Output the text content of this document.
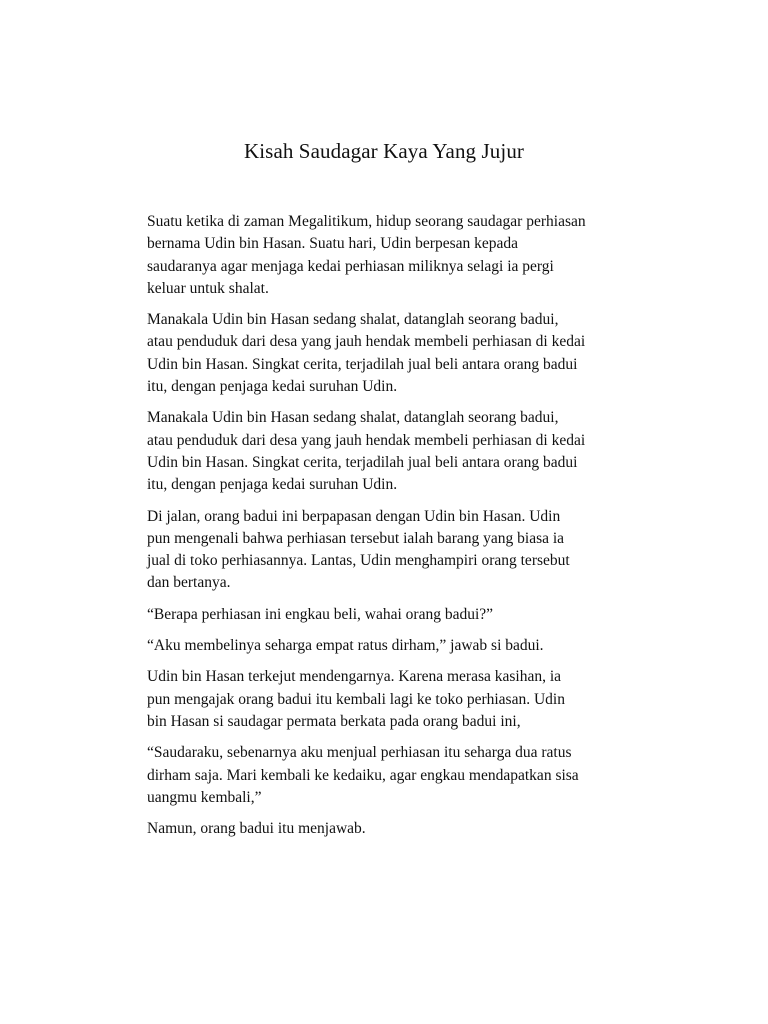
Kisah Saudagar Kaya Yang Jujur

Suatu ketika di zaman Megalitikum, hidup seorang saudagar perhiasan
bernama Udin bin Hasan. Suatu hari, Udin berpesan kepada
saudaranya agar menjaga kedai perhiasan miliknya selagi ia pergi
keluar untuk shalat.

Manakala Udin bin Hasan sedang shalat, datanglah seorang badui,
atau penduduk dari desa yang jauh hendak membeli perhiasan di kedai
Udin bin Hasan. Singkat cerita, terjadilah jual beli antara orang badui
itu, dengan penjaga kedai suruhan Udin.

Manakala Udin bin Hasan sedang shalat, datanglah seorang badui,
atau penduduk dari desa yang jauh hendak membeli perhiasan di kedai
Udin bin Hasan. Singkat cerita, terjadilah jual beli antara orang badui
itu, dengan penjaga kedai suruhan Udin.

Di jalan, orang badui ini berpapasan dengan Udin bin Hasan. Udin
pun mengenali bahwa perhiasan tersebut ialah barang yang biasa ia
jual di toko perhiasannya. Lantas, Udin menghampiri orang tersebut
dan bertanya.

“Berapa perhiasan ini engkau beli, wahai orang badui?”

“Aku membelinya seharga empat ratus dirham,” jawab si badui.

Udin bin Hasan terkejut mendengarnya. Karena merasa kasihan, ia
pun mengajak orang badui itu kembali lagi ke toko perhiasan. Udin
bin Hasan si saudagar permata berkata pada orang badui ini,

“Saudaraku, sebenarnya aku menjual perhiasan itu seharga dua ratus
dirham saja. Mari kembali ke kedaiku, agar engkau mendapatkan sisa
uangmu kembali,”

Namun, orang badui itu menjawab.
